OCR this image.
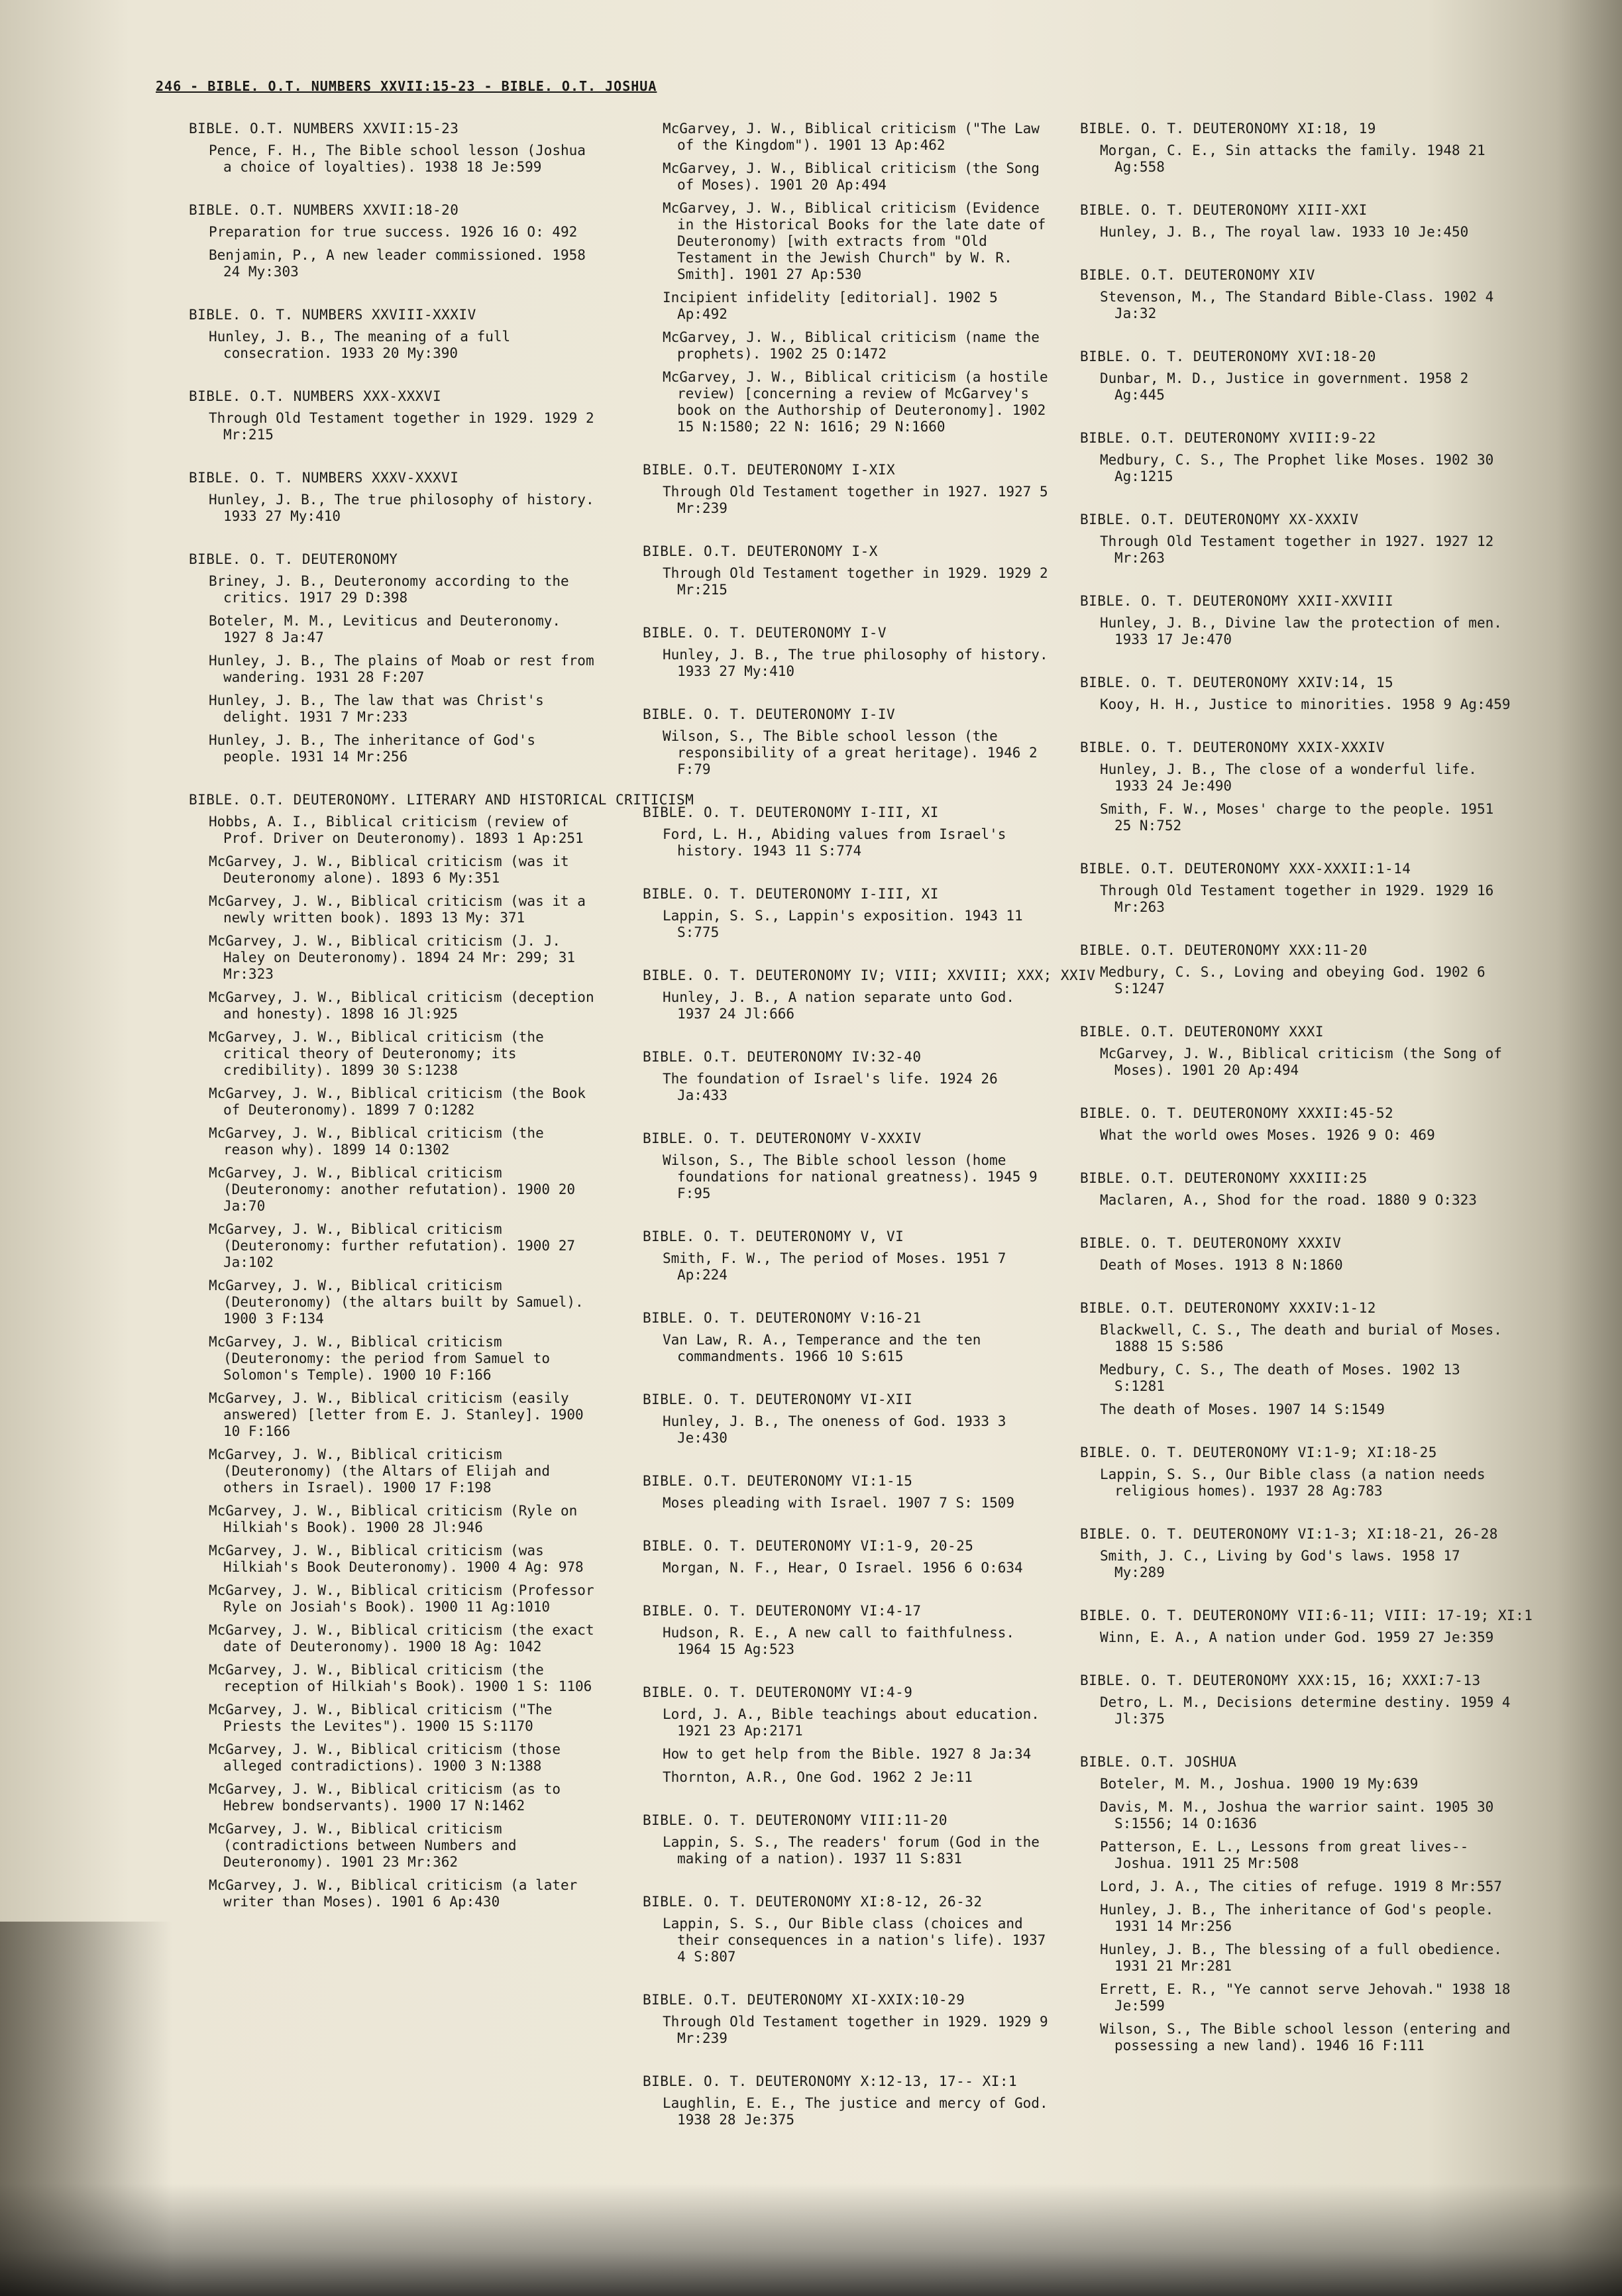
246 - BIBLE. O.T. NUMBERS XXVII:15-23 - BIBLE. O.T. JOSHUA
BIBLE. O.T. NUMBERS XXVII:15-23
Pence, F. H., The Bible school lesson (Joshua a choice of loyalties). 1938 18 Je:599
BIBLE. O.T. NUMBERS XXVII:18-20
Preparation for true success. 1926 16 O: 492
Benjamin, P., A new leader commissioned. 1958 24 My:303
BIBLE. O. T. NUMBERS XXVIII-XXXIV
Hunley, J. B., The meaning of a full consecration. 1933 20 My:390
BIBLE. O.T. NUMBERS XXX-XXXVI
Through Old Testament together in 1929. 1929 2 Mr:215
BIBLE. O. T. NUMBERS XXXV-XXXVI
Hunley, J. B., The true philosophy of history. 1933 27 My:410
BIBLE. O. T. DEUTERONOMY
Briney, J. B., Deuteronomy according to the critics. 1917 29 D:398
Boteler, M. M., Leviticus and Deuteronomy. 1927 8 Ja:47
Hunley, J. B., The plains of Moab or rest from wandering. 1931 28 F:207
Hunley, J. B., The law that was Christ's delight. 1931 7 Mr:233
Hunley, J. B., The inheritance of God's people. 1931 14 Mr:256
BIBLE. O.T. DEUTERONOMY. LITERARY AND HISTORICAL CRITICISM
Hobbs, A. I., Biblical criticism (review of Prof. Driver on Deuteronomy). 1893 1 Ap:251
McGarvey, J. W., Biblical criticism (was it Deuteronomy alone). 1893 6 My:351
McGarvey, J. W., Biblical criticism (was it a newly written book). 1893 13 My: 371
McGarvey, J. W., Biblical criticism (J. J. Haley on Deuteronomy). 1894 24 Mr: 299; 31 Mr:323
McGarvey, J. W., Biblical criticism (deception and honesty). 1898 16 Jl:925
McGarvey, J. W., Biblical criticism (the critical theory of Deuteronomy; its credibility). 1899 30 S:1238
McGarvey, J. W., Biblical criticism (the Book of Deuteronomy). 1899 7 O:1282
McGarvey, J. W., Biblical criticism (the reason why). 1899 14 O:1302
McGarvey, J. W., Biblical criticism (Deuteronomy: another refutation). 1900 20 Ja:70
McGarvey, J. W., Biblical criticism (Deuteronomy: further refutation). 1900 27 Ja:102
McGarvey, J. W., Biblical criticism (Deuteronomy) (the altars built by Samuel). 1900 3 F:134
McGarvey, J. W., Biblical criticism (Deuteronomy: the period from Samuel to Solomon's Temple). 1900 10 F:166
McGarvey, J. W., Biblical criticism (easily answered) [letter from E. J. Stanley]. 1900 10 F:166
McGarvey, J. W., Biblical criticism (Deuteronomy) (the Altars of Elijah and others in Israel). 1900 17 F:198
McGarvey, J. W., Biblical criticism (Ryle on Hilkiah's Book). 1900 28 Jl:946
McGarvey, J. W., Biblical criticism (was Hilkiah's Book Deuteronomy). 1900 4 Ag: 978
McGarvey, J. W., Biblical criticism (Professor Ryle on Josiah's Book). 1900 11 Ag:1010
McGarvey, J. W., Biblical criticism (the exact date of Deuteronomy). 1900 18 Ag: 1042
McGarvey, J. W., Biblical criticism (the reception of Hilkiah's Book). 1900 1 S: 1106
McGarvey, J. W., Biblical criticism ("The Priests the Levites"). 1900 15 S:1170
McGarvey, J. W., Biblical criticism (those alleged contradictions). 1900 3 N:1388
McGarvey, J. W., Biblical criticism (as to Hebrew bondservants). 1900 17 N:1462
McGarvey, J. W., Biblical criticism (contradictions between Numbers and Deuteronomy). 1901 23 Mr:362
McGarvey, J. W., Biblical criticism (a later writer than Moses). 1901 6 Ap:430
McGarvey, J. W., Biblical criticism ("The Law of the Kingdom"). 1901 13 Ap:462
McGarvey, J. W., Biblical criticism (the Song of Moses). 1901 20 Ap:494
McGarvey, J. W., Biblical criticism (Evidence in the Historical Books for the late date of Deuteronomy) [with extracts from "Old Testament in the Jewish Church" by W. R. Smith]. 1901 27 Ap:530
Incipient infidelity [editorial]. 1902 5 Ap:492
McGarvey, J. W., Biblical criticism (name the prophets). 1902 25 O:1472
McGarvey, J. W., Biblical criticism (a hostile review) [concerning a review of McGarvey's book on the Authorship of Deuteronomy]. 1902 15 N:1580; 22 N: 1616; 29 N:1660
BIBLE. O.T. DEUTERONOMY I-XIX
Through Old Testament together in 1927. 1927 5 Mr:239
BIBLE. O.T. DEUTERONOMY I-X
Through Old Testament together in 1929. 1929 2 Mr:215
BIBLE. O. T. DEUTERONOMY I-V
Hunley, J. B., The true philosophy of history. 1933 27 My:410
BIBLE. O. T. DEUTERONOMY I-IV
Wilson, S., The Bible school lesson (the responsibility of a great heritage). 1946 2 F:79
BIBLE. O. T. DEUTERONOMY I-III, XI
Ford, L. H., Abiding values from Israel's history. 1943 11 S:774
BIBLE. O. T. DEUTERONOMY I-III, XI
Lappin, S. S., Lappin's exposition. 1943 11 S:775
BIBLE. O. T. DEUTERONOMY IV; VIII; XXVIII; XXX; XXIV
Hunley, J. B., A nation separate unto God. 1937 24 Jl:666
BIBLE. O.T. DEUTERONOMY IV:32-40
The foundation of Israel's life. 1924 26 Ja:433
BIBLE. O. T. DEUTERONOMY V-XXXIV
Wilson, S., The Bible school lesson (home foundations for national greatness). 1945 9 F:95
BIBLE. O. T. DEUTERONOMY V, VI
Smith, F. W., The period of Moses. 1951 7 Ap:224
BIBLE. O. T. DEUTERONOMY V:16-21
Van Law, R. A., Temperance and the ten commandments. 1966 10 S:615
BIBLE. O. T. DEUTERONOMY VI-XII
Hunley, J. B., The oneness of God. 1933 3 Je:430
BIBLE. O.T. DEUTERONOMY VI:1-15
Moses pleading with Israel. 1907 7 S: 1509
BIBLE. O. T. DEUTERONOMY VI:1-9, 20-25
Morgan, N. F., Hear, O Israel. 1956 6 O:634
BIBLE. O. T. DEUTERONOMY VI:4-17
Hudson, R. E., A new call to faithfulness. 1964 15 Ag:523
BIBLE. O. T. DEUTERONOMY VI:4-9
Lord, J. A., Bible teachings about education. 1921 23 Ap:2171
How to get help from the Bible. 1927 8 Ja:34
Thornton, A.R., One God. 1962 2 Je:11
BIBLE. O. T. DEUTERONOMY VIII:11-20
Lappin, S. S., The readers' forum (God in the making of a nation). 1937 11 S:831
BIBLE. O. T. DEUTERONOMY XI:8-12, 26-32
Lappin, S. S., Our Bible class (choices and their consequences in a nation's life). 1937 4 S:807
BIBLE. O.T. DEUTERONOMY XI-XXIX:10-29
Through Old Testament together in 1929. 1929 9 Mr:239
BIBLE. O. T. DEUTERONOMY X:12-13, 17-- XI:1
Laughlin, E. E., The justice and mercy of God. 1938 28 Je:375
BIBLE. O. T. DEUTERONOMY XI:18, 19
Morgan, C. E., Sin attacks the family. 1948 21 Ag:558
BIBLE. O. T. DEUTERONOMY XIII-XXI
Hunley, J. B., The royal law. 1933 10 Je:450
BIBLE. O.T. DEUTERONOMY XIV
Stevenson, M., The Standard Bible-Class. 1902 4 Ja:32
BIBLE. O. T. DEUTERONOMY XVI:18-20
Dunbar, M. D., Justice in government. 1958 2 Ag:445
BIBLE. O.T. DEUTERONOMY XVIII:9-22
Medbury, C. S., The Prophet like Moses. 1902 30 Ag:1215
BIBLE. O.T. DEUTERONOMY XX-XXXIV
Through Old Testament together in 1927. 1927 12 Mr:263
BIBLE. O. T. DEUTERONOMY XXII-XXVIII
Hunley, J. B., Divine law the protection of men. 1933 17 Je:470
BIBLE. O. T. DEUTERONOMY XXIV:14, 15
Kooy, H. H., Justice to minorities. 1958 9 Ag:459
BIBLE. O. T. DEUTERONOMY XXIX-XXXIV
Hunley, J. B., The close of a wonderful life. 1933 24 Je:490
Smith, F. W., Moses' charge to the people. 1951 25 N:752
BIBLE. O.T. DEUTERONOMY XXX-XXXII:1-14
Through Old Testament together in 1929. 1929 16 Mr:263
BIBLE. O.T. DEUTERONOMY XXX:11-20
Medbury, C. S., Loving and obeying God. 1902 6 S:1247
BIBLE. O.T. DEUTERONOMY XXXI
McGarvey, J. W., Biblical criticism (the Song of Moses). 1901 20 Ap:494
BIBLE. O. T. DEUTERONOMY XXXII:45-52
What the world owes Moses. 1926 9 O: 469
BIBLE. O.T. DEUTERONOMY XXXIII:25
Maclaren, A., Shod for the road. 1880 9 O:323
BIBLE. O. T. DEUTERONOMY XXXIV
Death of Moses. 1913 8 N:1860
BIBLE. O.T. DEUTERONOMY XXXIV:1-12
Blackwell, C. S., The death and burial of Moses. 1888 15 S:586
Medbury, C. S., The death of Moses. 1902 13 S:1281
The death of Moses. 1907 14 S:1549
BIBLE. O. T. DEUTERONOMY VI:1-9; XI:18-25
Lappin, S. S., Our Bible class (a nation needs religious homes). 1937 28 Ag:783
BIBLE. O. T. DEUTERONOMY VI:1-3; XI:18-21, 26-28
Smith, J. C., Living by God's laws. 1958 17 My:289
BIBLE. O. T. DEUTERONOMY VII:6-11; VIII: 17-19; XI:1
Winn, E. A., A nation under God. 1959 27 Je:359
BIBLE. O. T. DEUTERONOMY XXX:15, 16; XXXI:7-13
Detro, L. M., Decisions determine destiny. 1959 4 Jl:375
BIBLE. O.T. JOSHUA
Boteler, M. M., Joshua. 1900 19 My:639
Davis, M. M., Joshua the warrior saint. 1905 30 S:1556; 14 O:1636
Patterson, E. L., Lessons from great lives--Joshua. 1911 25 Mr:508
Lord, J. A., The cities of refuge. 1919 8 Mr:557
Hunley, J. B., The inheritance of God's people. 1931 14 Mr:256
Hunley, J. B., The blessing of a full obedience. 1931 21 Mr:281
Errett, E. R., "Ye cannot serve Jehovah." 1938 18 Je:599
Wilson, S., The Bible school lesson (entering and possessing a new land). 1946 16 F:111
